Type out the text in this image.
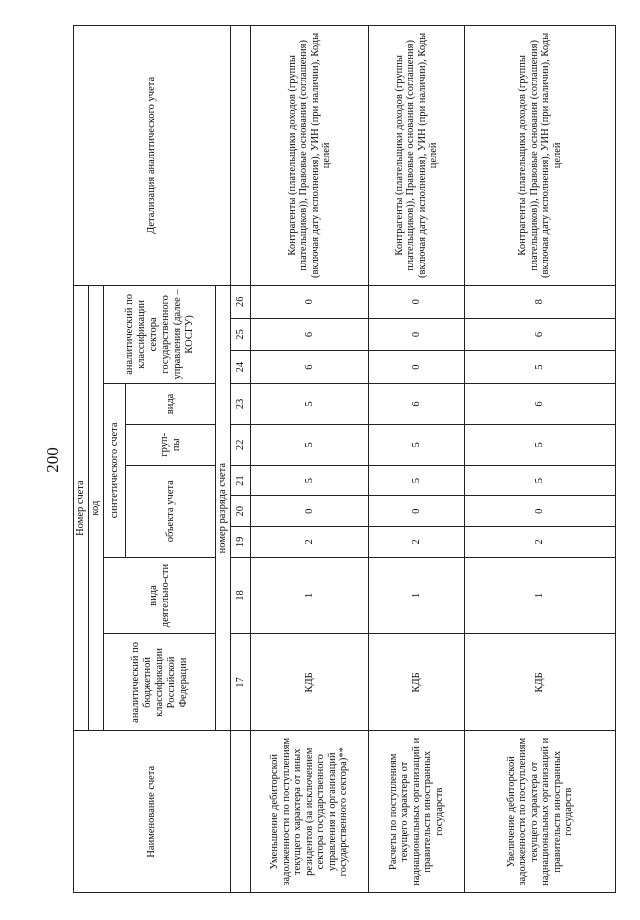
200
Наименование счета	Номер счета										Детализация аналитического учета
	код										
	аналитический по бюджетной классификации Российской Федерации	вида деятельно-сти	синтетического счета					аналитический по классификации сектора государственного управления (далее – КОСГУ)			
			объекта учета			груп-пы	вида				
	номер разряда счета										
	17	18	19	20	21	22	23	24	25	26	
Уменьшение дебиторской задолженности по поступлениям текущего характера от иных резидентов (за исключением сектора государственного управления и организаций государственного сектора)**	КДБ	1	2	0	5	5	5	6	6	0	Контрагенты (плательщики доходов (группы плательщиков)), Правовые основания (соглашения) (включая дату исполнения), УИН (при наличии), Коды целей
Расчеты по поступлениям текущего характера от наднациональных организаций и правительств иностранных государств	КДБ	1	2	0	5	5	6	0	0	0	Контрагенты (плательщики доходов (группы плательщиков)), Правовые основания (соглашения) (включая дату исполнения), УИН (при наличии), Коды целей
Увеличение дебиторской задолженности по поступлениям текущего характера от наднациональных организаций и правительств иностранных государств	КДБ	1	2	0	5	5	6	5	6	8	Контрагенты (плательщики доходов (группы плательщиков)), Правовые основания (соглашения) (включая дату исполнения), УИН (при наличии), Коды целей
